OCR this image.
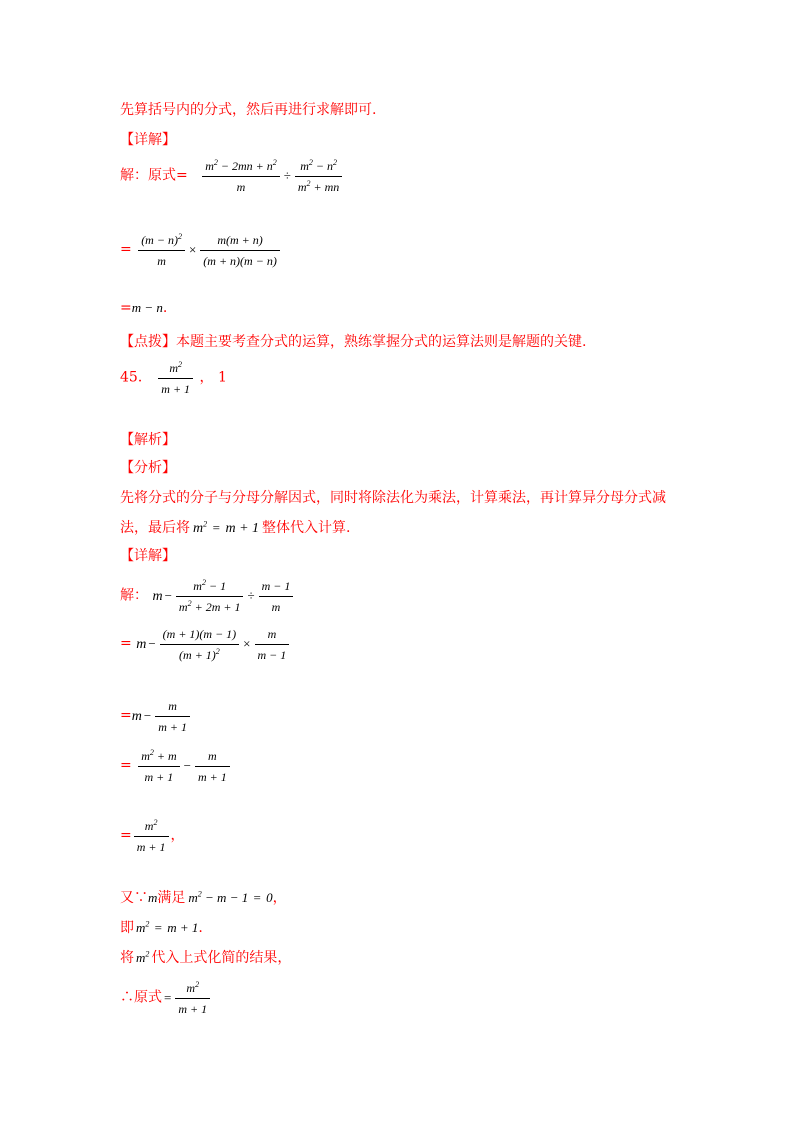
先算括号内的分式，然后再进行求解即可.
【详解】
解：原式= $\frac{m^2 - 2mn + n^2}{m} \div \frac{m^2 - n^2}{m^2 + mn}$
= $\frac{(m - n)^2}{m} \times \frac{m(m + n)}{(m + n)(m - n)}$
=m − n.
【点拨】本题主要考查分式的运算，熟练掌握分式的运算法则是解题的关键.
45． $\frac{m^2}{m + 1}$ ， 1
【解析】
【分析】
先将分式的分子与分母分解因式，同时将除法化为乘法，计算乘法，再计算异分母分式减
法，最后将 $m^2 = m + 1$ 整体代入计算.
【详解】
解： $m - \frac{m^2 - 1}{m^2 + 2m + 1} \div \frac{m - 1}{m}$
= $m - \frac{(m + 1)(m - 1)}{(m + 1)^2} \times \frac{m}{m - 1}$
$=m - \frac{m}{m + 1}$
= $\frac{m^2 + m}{m + 1} - \frac{m}{m + 1}$
= $\frac{m^2}{m + 1}$ ，
又∵m满足 $m^2 - m - 1 = 0$，
即 $m^2 = m + 1$.
将 $m^2$ 代入上式化简的结果，
∴原式 = $\frac{m^2}{m + 1}$
